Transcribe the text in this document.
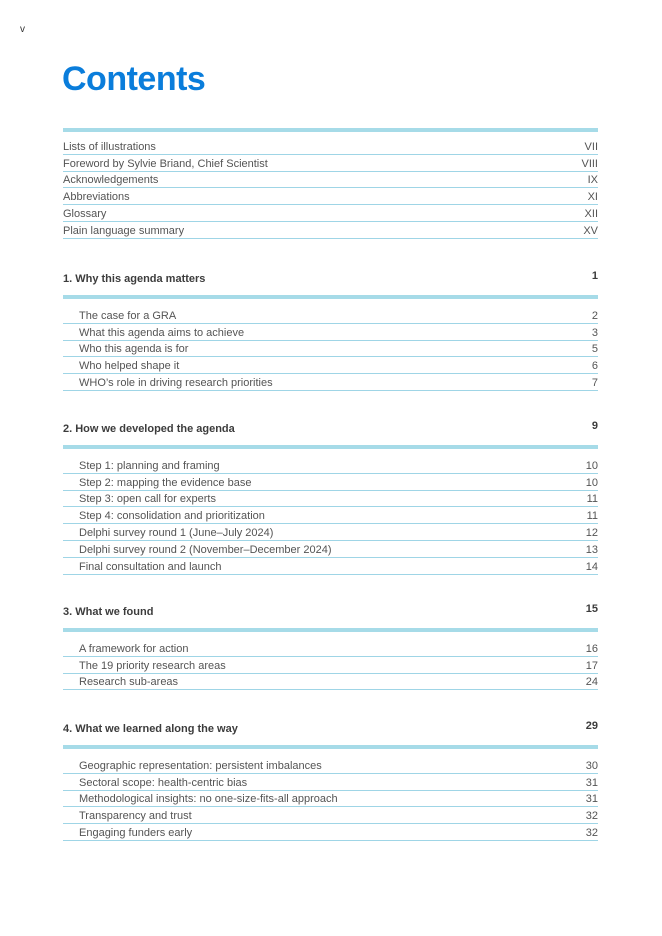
v
Contents
Lists of illustrations	VII
Foreword by Sylvie Briand, Chief Scientist	VIII
Acknowledgements	IX
Abbreviations	XI
Glossary	XII
Plain language summary	XV
1. Why this agenda matters	1
The case for a GRA	2
What this agenda aims to achieve	3
Who this agenda is for	5
Who helped shape it	6
WHO’s role in driving research priorities	7
2. How we developed the agenda	9
Step 1: planning and framing	10
Step 2: mapping the evidence base	10
Step 3: open call for experts	11
Step 4: consolidation and prioritization	11
Delphi survey round 1 (June–July 2024)	12
Delphi survey round 2 (November–December 2024)	13
Final consultation and launch	14
3. What we found	15
A framework for action	16
The 19 priority research areas	17
Research sub-areas	24
4. What we learned along the way	29
Geographic representation: persistent imbalances	30
Sectoral scope: health-centric bias	31
Methodological insights: no one-size-fits-all approach	31
Transparency and trust	32
Engaging funders early	32
